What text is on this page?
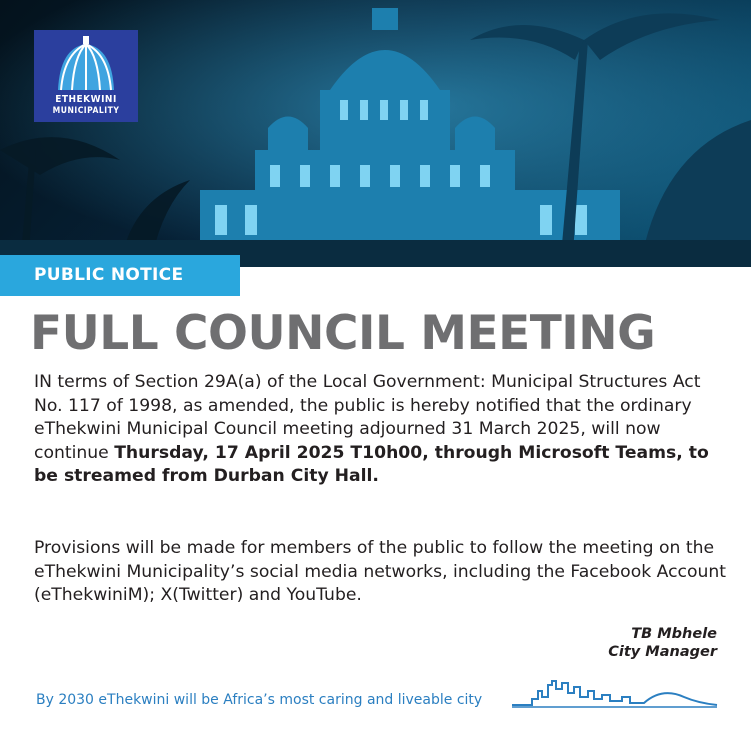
ETHEKWINI
MUNICIPALITY
PUBLIC NOTICE
FULL COUNCIL MEETING
IN terms of Section 29A(a) of the Local Government: Municipal Structures Act No. 117 of 1998, as amended, the public is hereby notified that the ordinary eThekwini Municipal Council meeting adjourned 31 March 2025, will now continue Thursday, 17 April 2025 T10h00, through Microsoft Teams, to be streamed from Durban City Hall.
Provisions will be made for members of the public to follow the meeting on the eThekwini Municipality’s social media networks, including the Facebook Account (eThekwiniM); X(Twitter) and YouTube.
TB Mbhele
City Manager
By 2030 eThekwini will be Africa’s most caring and liveable city
